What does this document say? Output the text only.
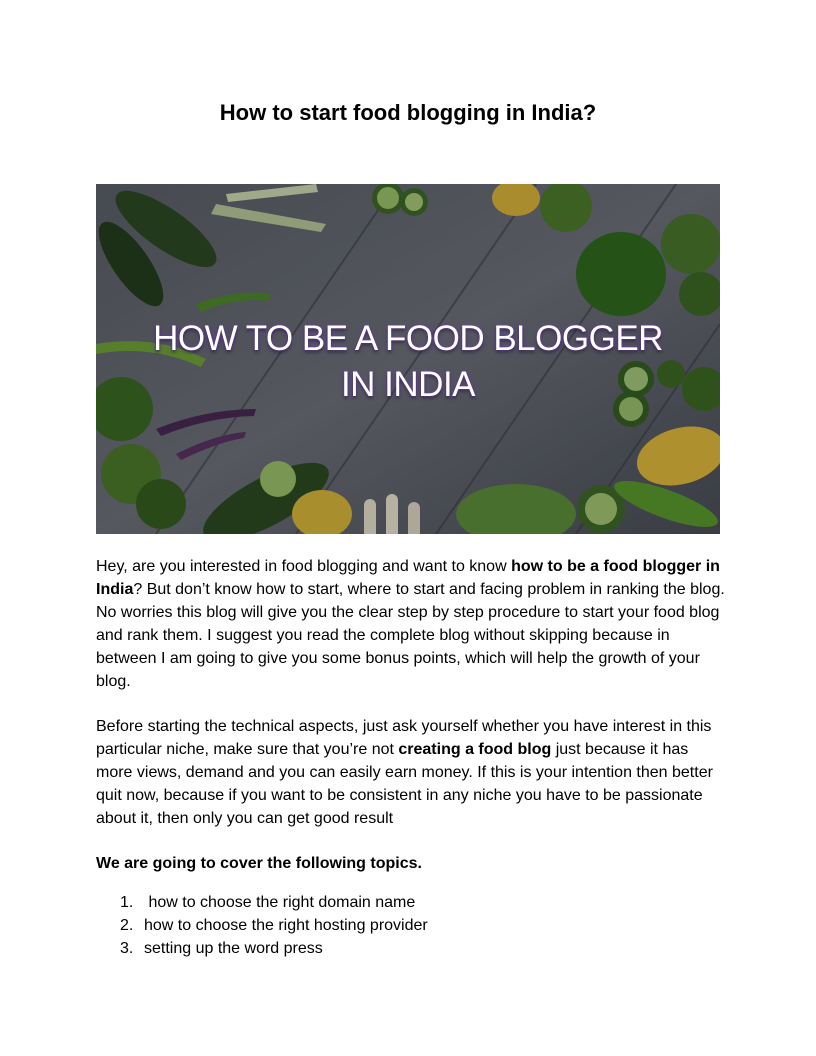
How to start food blogging in India?
HOW TO BE A FOOD BLOGGER
IN INDIA

Hey, are you interested in food blogging and want to know how to be a food blogger in India? But don’t know how to start, where to start and facing problem in ranking the blog. No worries this blog will give you the clear step by step procedure to start your food blog and rank them. I suggest you read the complete blog without skipping because in between I am going to give you some bonus points, which will help the growth of your blog.

Before starting the technical aspects, just ask yourself whether you have interest in this particular niche, make sure that you’re not creating a food blog just because it has more views, demand and you can easily earn money. If this is your intention then better quit now, because if you want to be consistent in any niche you have to be passionate about it, then only you can get good result

We are going to cover the following topics.

1. how to choose the right domain name
2. how to choose the right hosting provider
3. setting up the word press
